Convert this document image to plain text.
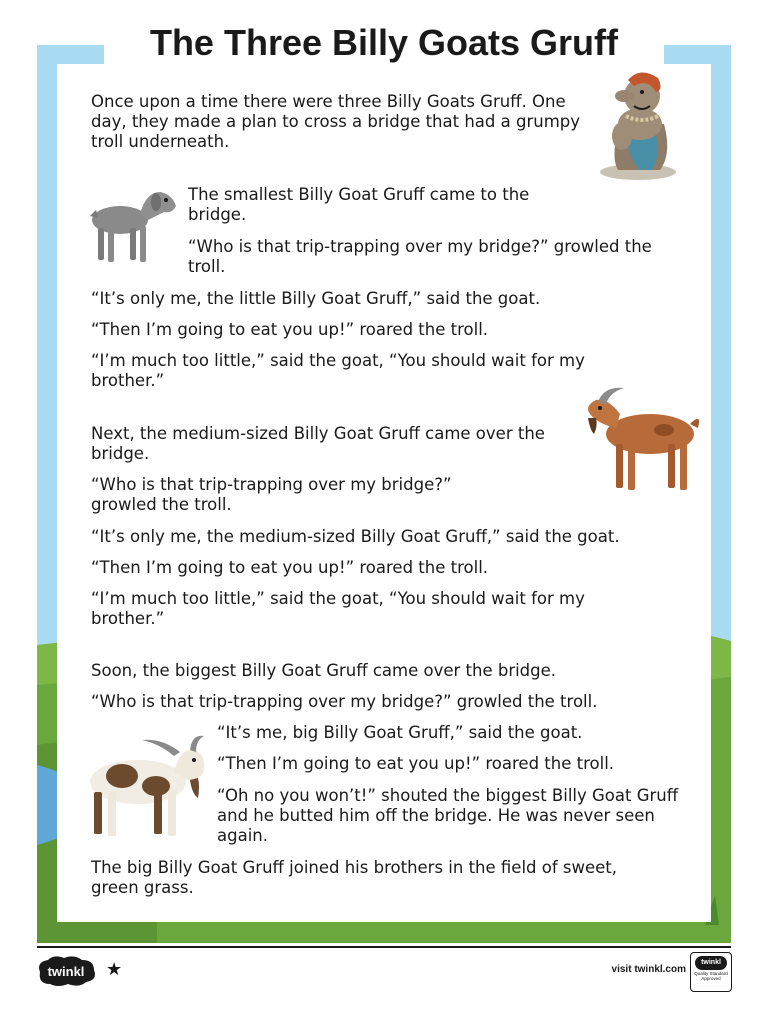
The Three Billy Goats Gruff

Once upon a time there were three Billy Goats Gruff. One day, they made a plan to cross a bridge that had a grumpy troll underneath.

The smallest Billy Goat Gruff came to the bridge.

“Who is that trip-trapping over my bridge?” growled the troll.

“It’s only me, the little Billy Goat Gruff,” said the goat.

“Then I’m going to eat you up!” roared the troll.

“I’m much too little,” said the goat, “You should wait for my brother.”

Next, the medium-sized Billy Goat Gruff came over the bridge.

“Who is that trip-trapping over my bridge?” growled the troll.

“It’s only me, the medium-sized Billy Goat Gruff,” said the goat.

“Then I’m going to eat you up!” roared the troll.

“I’m much too little,” said the goat, “You should wait for my brother.”

Soon, the biggest Billy Goat Gruff came over the bridge.

“Who is that trip-trapping over my bridge?” growled the troll.

“It’s me, big Billy Goat Gruff,” said the goat.

“Then I’m going to eat you up!” roared the troll.

“Oh no you won’t!” shouted the biggest Billy Goat Gruff and he butted him off the bridge. He was never seen again.

The big Billy Goat Gruff joined his brothers in the field of sweet, green grass.

twinkl ★	visit twinkl.com
twinkl
Quality Standard Approved
